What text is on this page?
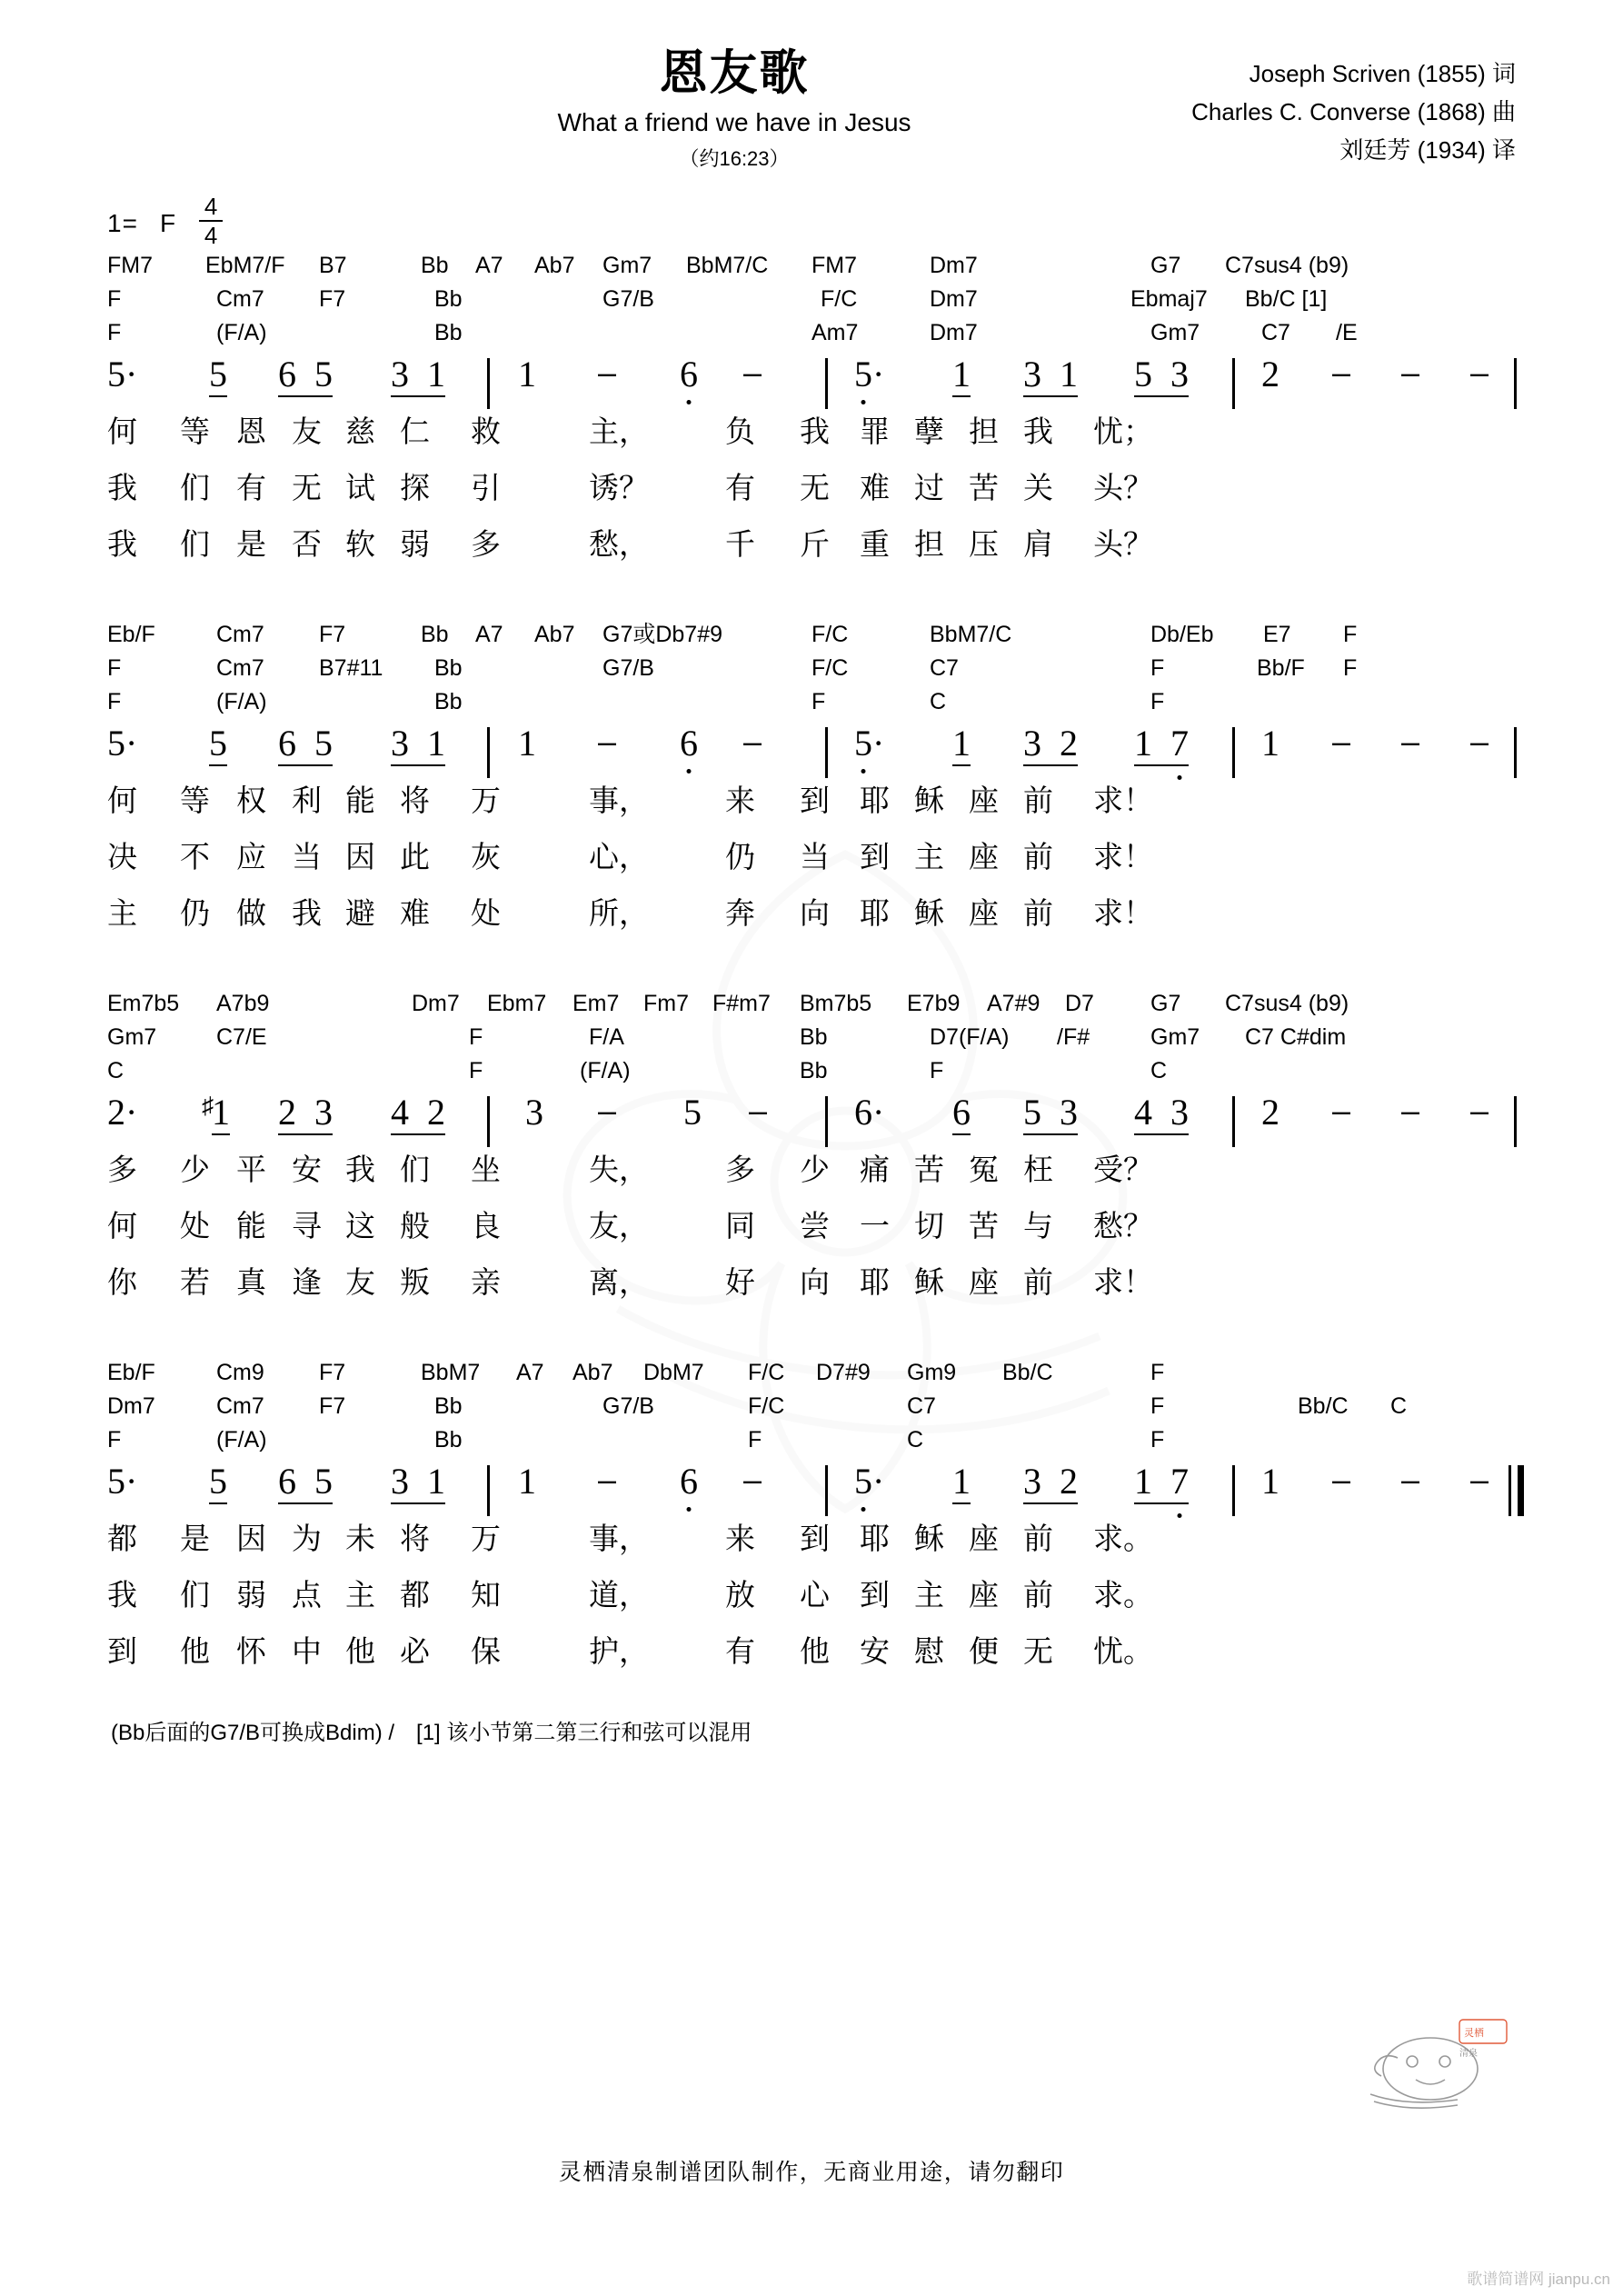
恩友歌
What a friend we have in Jesus
（约16:23）
Joseph Scriven (1855) 词
Charles C. Converse (1868) 曲
刘廷芳 (1934) 译
1= F $\frac{4}{4}$
FM7 EbM7/F B7	Bb A7 Ab7 Gm7 BbM7/C FM7	Dm7	G7 C7sus4 (b9)
F	Cm7 F7	Bb	G7/B	F/C	Dm7	Ebmaj7 Bb/C [1]
F	(F/A)	Bb	Am7	Dm7	Gm7	C7 /E
5· 5 6  5 3  1 1 – 6 –	5· 1 3  1 5  3 2 – – –
何 等 恩 友 慈 仁 救	主，	负 我 罪 孽 担 我 忧；
我 们 有 无 试 探 引	诱？	有 无 难 过 苦 关 头？
我 们 是 否 软 弱 多	愁，	千 斤 重 担 压 肩 头？
Eb/F	Cm7 F7	Bb A7 Ab7 G7或Db7#9	F/C	BbM7/C	Db/Eb E7 F
F	Cm7 B7#11 Bb	G7/B	F/C	C7	F	Bb/F F
F	(F/A)	Bb	F	C	F
5· 5 6  5 3  1 1 – 6 –	5· 1 3  2 1  7 1 – – –
何 等 权 利 能 将 万	事，	来 到 耶 稣 座 前 求！
决 不 应 当 因 此 灰	心，	仍 当 到 主 座 前 求！
主 仍 做 我 避 难 处	所，	奔 向 耶 稣 座 前 求！
Em7b5 A7b9	Dm7 Ebm7 Em7 Fm7 F#m7 Bm7b5 E7b9 A7#9 D7 G7 C7sus4 (b9)
Gm7	C7/E	F	F/A	Bb	D7(F/A) /F#	Gm7 C7 C#dim
C	F	(F/A)	Bb	F	C
2·	♯1 2  3 4  2 3 – 5 – 6· 6 5  3 4  3 2 – – –
多 少 平 安 我 们 坐	失，	多 少 痛 苦 冤 枉 受？
何 处 能 寻 这 般 良	友，	同 尝 一 切 苦 与 愁？
你 若 真 逢 友 叛 亲	离，	好 向 耶 稣 座 前 求！
Eb/F	Cm9 F7	BbM7 A7 Ab7 DbM7 F/C D7#9 Gm9 Bb/C	F
Dm7	Cm7 F7	Bb	G7/B	F/C	C7	F	Bb/C C
F	(F/A)	Bb	F	C	F
5· 5 6  5 3  1 1 – 6 –	5· 1 3  2 1  7 1 – – –
都 是 因 为 未 将 万	事，	来 到 耶 稣 座 前 求。
我 们 弱 点 主 都 知	道，	放 心 到 主 座 前 求。
到 他 怀 中 他 必 保	护，	有 他 安 慰 便 无 忧。
(Bb后面的G7/B可换成Bdim) /　[1] 该小节第二第三行和弦可以混用
灵栖
清泉
灵栖清泉制谱团队制作，无商业用途，请勿翻印
歌谱简谱网 jianpu.cn
